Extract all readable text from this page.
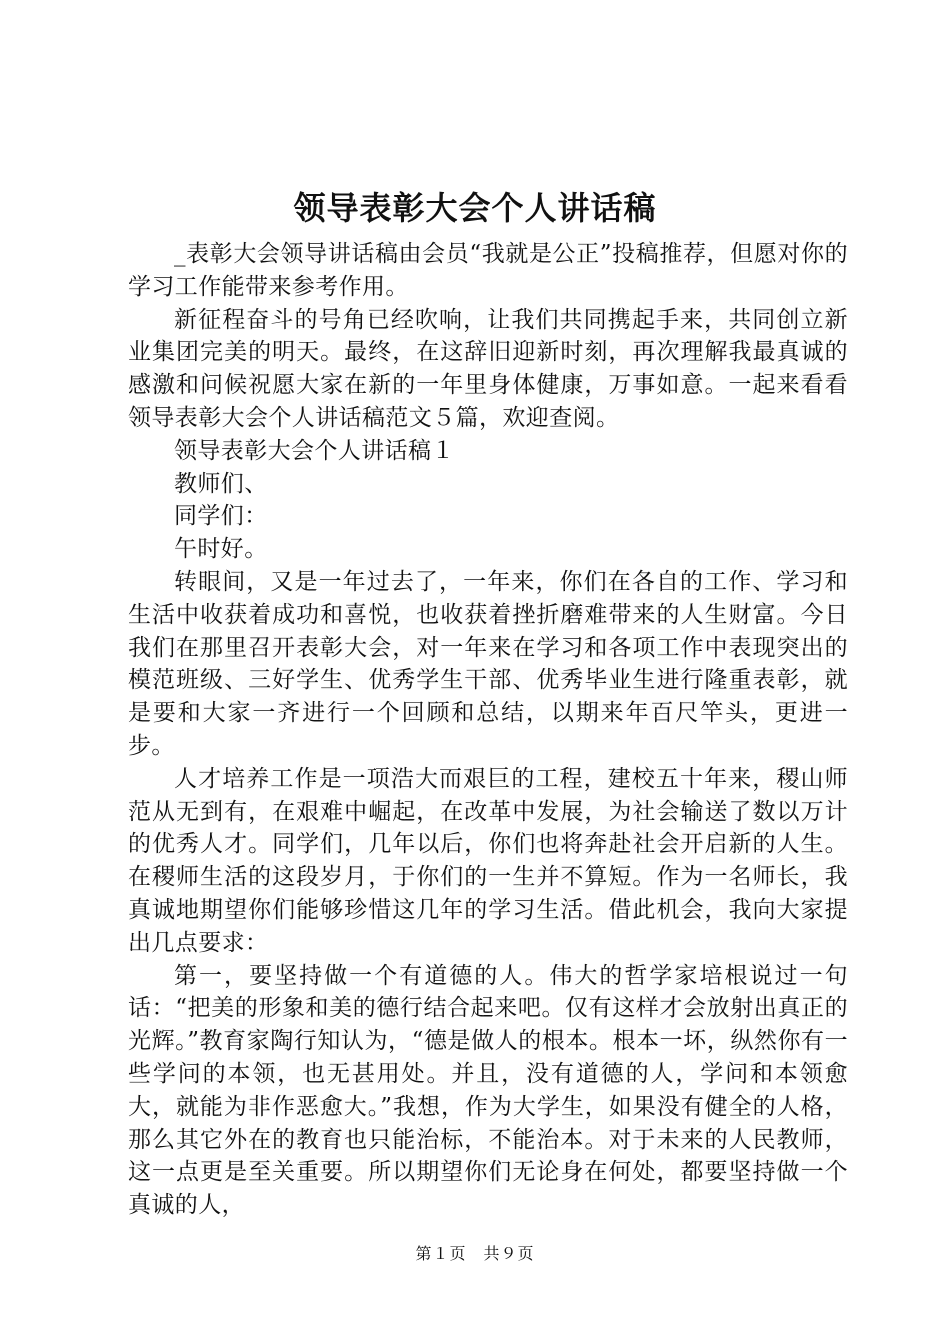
领导表彰大会个人讲话稿

_表彰大会领导讲话稿由会员“我就是公正”投稿推荐，但愿对你的学习工作能带来参考作用。

新征程奋斗的号角已经吹响，让我们共同携起手来，共同创立新业集团完美的明天。最终，在这辞旧迎新时刻，再次理解我最真诚的感激和问候祝愿大家在新的一年里身体健康，万事如意。一起来看看领导表彰大会个人讲话稿范文５篇，欢迎查阅。

领导表彰大会个人讲话稿１

教师们、

同学们：

午时好。

转眼间，又是一年过去了，一年来，你们在各自的工作、学习和生活中收获着成功和喜悦，也收获着挫折磨难带来的人生财富。今日我们在那里召开表彰大会，对一年来在学习和各项工作中表现突出的模范班级、三好学生、优秀学生干部、优秀毕业生进行隆重表彰，就是要和大家一齐进行一个回顾和总结，以期来年百尺竿头，更进一步。

人才培养工作是一项浩大而艰巨的工程，建校五十年来，稷山师范从无到有，在艰难中崛起，在改革中发展，为社会输送了数以万计的优秀人才。同学们，几年以后，你们也将奔赴社会开启新的人生。在稷师生活的这段岁月，于你们的一生并不算短。作为一名师长，我真诚地期望你们能够珍惜这几年的学习生活。借此机会，我向大家提出几点要求：

第一，要坚持做一个有道德的人。伟大的哲学家培根说过一句话：“把美的形象和美的德行结合起来吧。仅有这样才会放射出真正的光辉。”教育家陶行知认为，“德是做人的根本。根本一坏，纵然你有一些学问的本领，也无甚用处。并且，没有道德的人，学问和本领愈大，就能为非作恶愈大。”我想，作为大学生，如果没有健全的人格，那么其它外在的教育也只能治标，不能治本。对于未来的人民教师，这一点更是至关重要。所以期望你们无论身在何处，都要坚持做一个真诚的人，

第１页　共９页
